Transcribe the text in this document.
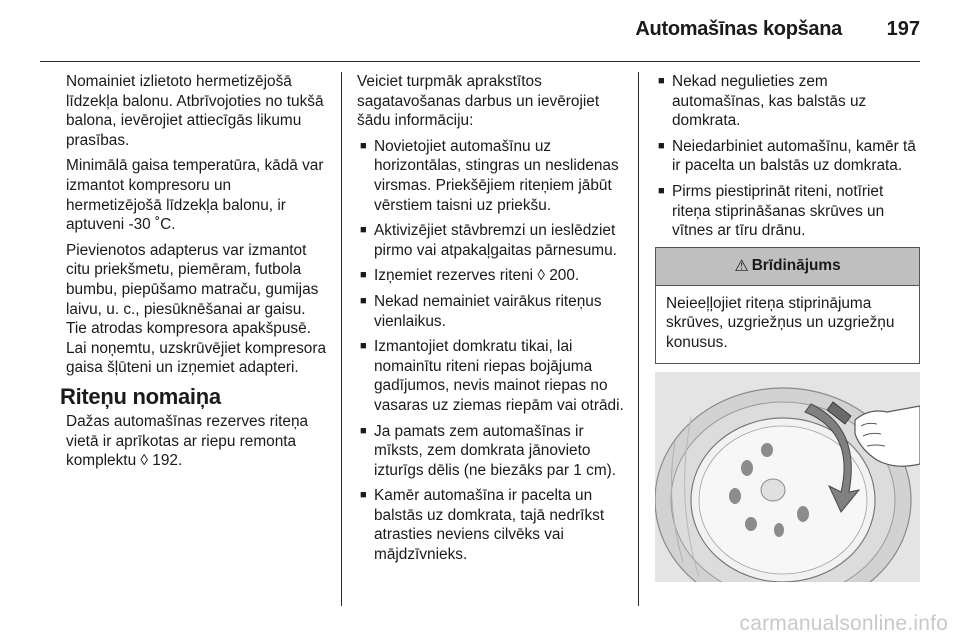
Automašīnas kopšana 197

Nomainiet izlietoto hermetizējošā līdzekļa balonu. Atbrīvojoties no tukšā balona, ievērojiet attiecīgās likumu prasības.

Minimālā gaisa temperatūra, kādā var izmantot kompresoru un hermetizējošā līdzekļa balonu, ir aptuveni -30 ˚C.

Pievienotos adapterus var izmantot citu priekšmetu, piemēram, futbola bumbu, piepūšamo matraču, gumijas laivu, u. c., piesūknēšanai ar gaisu. Tie atrodas kompresora apakšpusē. Lai noņemtu, uzskrūvējiet kompresora gaisa šļūteni un izņemiet adapteri.

Riteņu nomaiņa

Dažas automašīnas rezerves riteņa vietā ir aprīkotas ar riepu remonta komplektu ◊ 192.

Veiciet turpmāk aprakstītos sagatavošanas darbus un ievērojiet šādu informāciju:

■ Novietojiet automašīnu uz horizontālas, stingras un neslidenas virsmas. Priekšējiem riteņiem jābūt vērstiem taisni uz priekšu.
■ Aktivizējiet stāvbremzi un ieslēdziet pirmo vai atpakaļgaitas pārnesumu.
■ Izņemiet rezerves riteni ◊ 200.
■ Nekad nemainiet vairākus riteņus vienlaikus.
■ Izmantojiet domkratu tikai, lai nomainītu riteni riepas bojājuma gadījumos, nevis mainot riepas no vasaras uz ziemas riepām vai otrādi.
■ Ja pamats zem automašīnas ir mīksts, zem domkrata jānovieto izturīgs dēlis (ne biezāks par 1 cm).
■ Kamēr automašīna ir pacelta un balstās uz domkrata, tajā nedrīkst atrasties neviens cilvēks vai mājdzīvnieks.
■ Nekad negulieties zem automašīnas, kas balstās uz domkrata.
■ Neiedarbiniet automašīnu, kamēr tā ir pacelta un balstās uz domkrata.
■ Pirms piestiprināt riteni, notīriet riteņa stiprināšanas skrūves un vītnes ar tīru drānu.
⚠ Brīdinājums
Neieeļļojiet riteņa stiprinājuma skrūves, uzgriežņus un uzgriežņu konusus.
carmanualsonline.info
